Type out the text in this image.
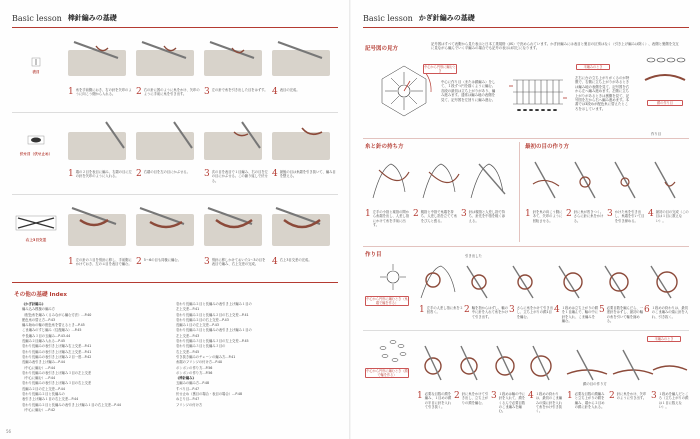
Basic lesson 棒針編みの基礎
表目
1 糸を手前側におき、右の針を矢印のように向こう側から入れる。	2 右の針に図のように糸をかけ、矢印のように手前に糸を引き出す。	3 左の針で糸を引き出した目をはずす。 4 表目の完成。
伏せ目（伏せ止め）
1 端の２目を表目に編み、右端の目に左の針を矢印のように入れる。	2 右端の目を左の目にかぶせる。 3 次の目を表目で１目編み、右の目を左の目にかぶせる。この繰り返しで伏せる。
4 最後の目は糸端を引き抜いて、編み目を整える。
右上3目交差
1 左の針の３目を別針に移し、手前側にかけておき、左の４目を表目で編む。 2 5〜6の目も同様に編む。	3 別針に移しかけておいた1〜3の目を表目で編み、右上交差の完成。	4 右上3目交差の完成。
その他の基礎 Index
《かぎ針編み》
編み込み模様の編み方
（配色糸を編みくるみながら編む方法）…P.40
配色糸の替え方…P.43
編み始めの輪の配色糸を替えるとき…P.45
こま編みのすじ編み（往復編み）…P.45
中長編み３目の玉編み…P.43.44
長編み２目編み入れる…P.45
変わり長編みの表引き上げ編み右上交差…P.41
変わり長編みの表引き上げ編み左上交差…P.41
変わり長編みの表引き上げ編み２目一度…P.42
長編み表引き上げ編み…P.44
（中心に編む）…P.44
変わり長編みの表引き上げ編み３目の左上交差
（中心に編む）…P.44
変わり長編みの表引き上げ編み３目の右上交差
長編み２目の左上交差…P.44
変わり長編み２目と長編みの
表引き上げ編み１目の右上交差…P.44
変わり長編み２目と長編みの表引き上げ編み１目の右上交差…P.44
（中心に編む）…P.42
変わり長編み２目と長編みの表引き上げ編み１目の
左上交差…P.41
変わり長編み２目と長編み２目の右上交差…P.41
変わり長編み２目の右上交差…P.43
長編み１目の左上交差…P.43
変わり長編み３目と長編みの表引き上げ編み１目の
左上交差…P.43
変わり長編み３目と長編み３目の左上交差…P.45
変わり長編み３目と長編み３目の
右上交差…P.45
引き抜き編みのチェーンの編み方…P.41
糸端のフリンジの付け方…P.40
ボンボンの作り方…P.56
ボンボンの作り方…P.56
《棒針編み》
五編みの編み方…P.48
すべり目…P.47
伏せ止め（裏目の場合・表目の場合）…P.48
ねじり目…P.47
フリンジの付け方
56
Basic lesson かぎ針編みの基礎
記号図の見方
記号図はすべて表側から見た表示と日本工業規格（JIS）で決められています。かぎ針編みには表目と裏目の区別はなく（引き上げ編みは除く）、表側と裏側を交互に見ながら編んでいく平編みの場合でも記号の表示は同じになります。
中心から円形に編むとき
中心に作り目（または鎖編み）をして、１段ずつ円を描くように編む。各段の最初は立ち上がりがあり、編み進みます。通常は編み地の表側を見て、記号図を左回りに編み進む。
平編みのとき
左右に台の立ち上がりがくるのが特徴で、右側に立ち上がりがあるときは編み地の表側を見て、記号図を右から左へ編み進めます。左側に立ち上がりがあるときは裏側を見て、記号図を左から右へ編み進めます。本書では3段めが配色糸に替えたところを示しています。
鎖の作り目
糸と針の持ち方
1 左手の小指と薬指の間から糸端を出し、人差し指にかけて糸を手前に出す。
2 親指と中指で糸端を持ち、人差し指を立てて糸をぴんと張る。
3 針は親指と人差し指で持ち、針先を中指を軽く添える。
最初の目の作り方
1 針を糸の向こう側にあて、矢印のように回転させる。
2 針に糸が巻きつく。さらに針に糸をかける。
3 かけた糸を引き出し、糸端を引いて目を引き締める。
4 最初の目の完成（この目は１目に数えない）。
作り目
中心から円形に編むとき（糸端で輪を作る）
引き出した
1 左手の人差し指に糸を２回巻く。	2 輪を指からはずし、輪の中に針を入れて糸をかけて引き出す。
3 さらに糸をかけて引き出し、立ち上がりの鎖1目を編む。
4 １段めは立ち上がりの鎖を１目編んで、輪の中に針を入れ、こま編みを編む。
5 必要目数を編んだら、一度針をはずし、最初の輪の糸を引いて輪を縮める。
6 １段めの終わりは、最初のこま編みの頭に針を入れ、引き抜く。
中心から円形に編むとき（鎖で輪を作る）
平編みのとき
1 必要な目数の鎖を編み、１目めの鎖の半目に針を入れて引き抜く。
2 針に糸をかけて引き出し、立ち上がりの鎖を編む。
3 １段めは輪の中に針を入れて、鎖をくるんで必要目数のこま編みを編む。
4 １段めの終わりは、最初のこま編みの頭に針を入れて糸をかけ引き抜く。
1 必要な目数の鎖編みと立ち上がりの鎖を編み、端から２目めの鎖に針を入れる。
2 針に糸をかけ、矢印のように引き出す。 3 １段めを編んだところ（立ち上がりの鎖は１目に数えない）。
鎖の目の作り方
作り目
